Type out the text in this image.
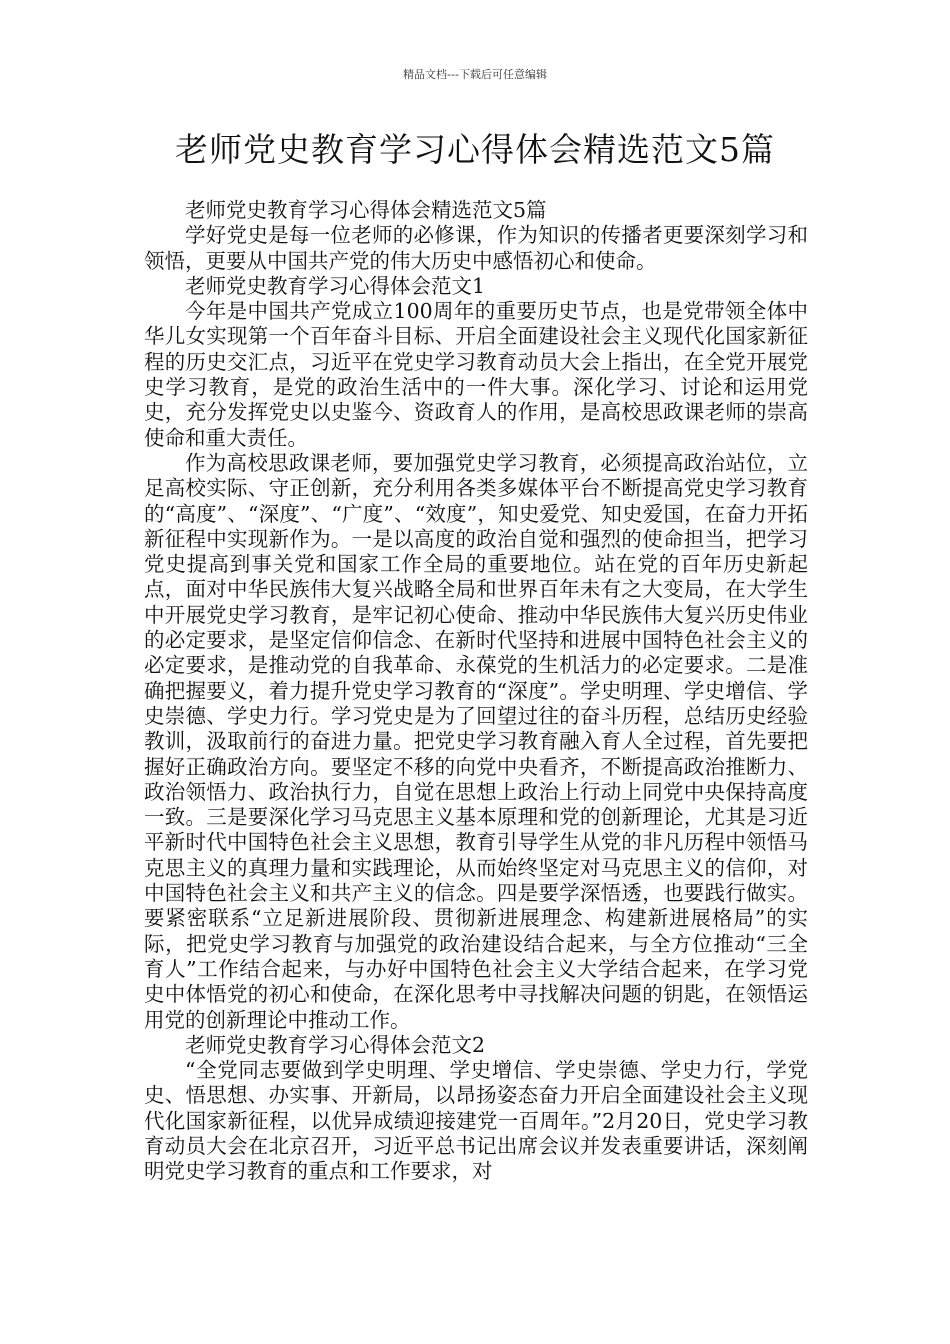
精品文档---下载后可任意编辑
老师党史教育学习心得体会精选范文5篇

老师党史教育学习心得体会精选范文5篇

学好党史是每一位老师的必修课，作为知识的传播者更要深刻学习和领悟，更要从中国共产党的伟大历史中感悟初心和使命。

老师党史教育学习心得体会范文1

今年是中国共产党成立100周年的重要历史节点，也是党带领全体中华儿女实现第一个百年奋斗目标、开启全面建设社会主义现代化国家新征程的历史交汇点，习近平在党史学习教育动员大会上指出，在全党开展党史学习教育，是党的政治生活中的一件大事。深化学习、讨论和运用党史，充分发挥党史以史鉴今、资政育人的作用，是高校思政课老师的崇高使命和重大责任。

作为高校思政课老师，要加强党史学习教育，必须提高政治站位，立足高校实际、守正创新，充分利用各类多媒体平台不断提高党史学习教育的“高度”、“深度”、“广度”、“效度”，知史爱党、知史爱国，在奋力开拓新征程中实现新作为。一是以高度的政治自觉和强烈的使命担当，把学习党史提高到事关党和国家工作全局的重要地位。站在党的百年历史新起点，面对中华民族伟大复兴战略全局和世界百年未有之大变局，在大学生中开展党史学习教育，是牢记初心使命、推动中华民族伟大复兴历史伟业的必定要求，是坚定信仰信念、在新时代坚持和进展中国特色社会主义的必定要求，是推动党的自我革命、永葆党的生机活力的必定要求。二是准确把握要义，着力提升党史学习教育的“深度”。学史明理、学史增信、学史崇德、学史力行。学习党史是为了回望过往的奋斗历程，总结历史经验教训，汲取前行的奋进力量。把党史学习教育融入育人全过程，首先要把握好正确政治方向。要坚定不移的向党中央看齐，不断提高政治推断力、政治领悟力、政治执行力，自觉在思想上政治上行动上同党中央保持高度一致。三是要深化学习马克思主义基本原理和党的创新理论，尤其是习近平新时代中国特色社会主义思想，教育引导学生从党的非凡历程中领悟马克思主义的真理力量和实践理论，从而始终坚定对马克思主义的信仰，对中国特色社会主义和共产主义的信念。四是要学深悟透，也要践行做实。要紧密联系“立足新进展阶段、贯彻新进展理念、构建新进展格局”的实际，把党史学习教育与加强党的政治建设结合起来，与全方位推动“三全育人”工作结合起来，与办好中国特色社会主义大学结合起来，在学习党史中体悟党的初心和使命，在深化思考中寻找解决问题的钥匙，在领悟运用党的创新理论中推动工作。

老师党史教育学习心得体会范文2

“全党同志要做到学史明理、学史增信、学史崇德、学史力行，学党史、悟思想、办实事、开新局，以昂扬姿态奋力开启全面建设社会主义现代化国家新征程，以优异成绩迎接建党一百周年。”2月20日，党史学习教育动员大会在北京召开，习近平总书记出席会议并发表重要讲话，深刻阐明党史学习教育的重点和工作要求，对
